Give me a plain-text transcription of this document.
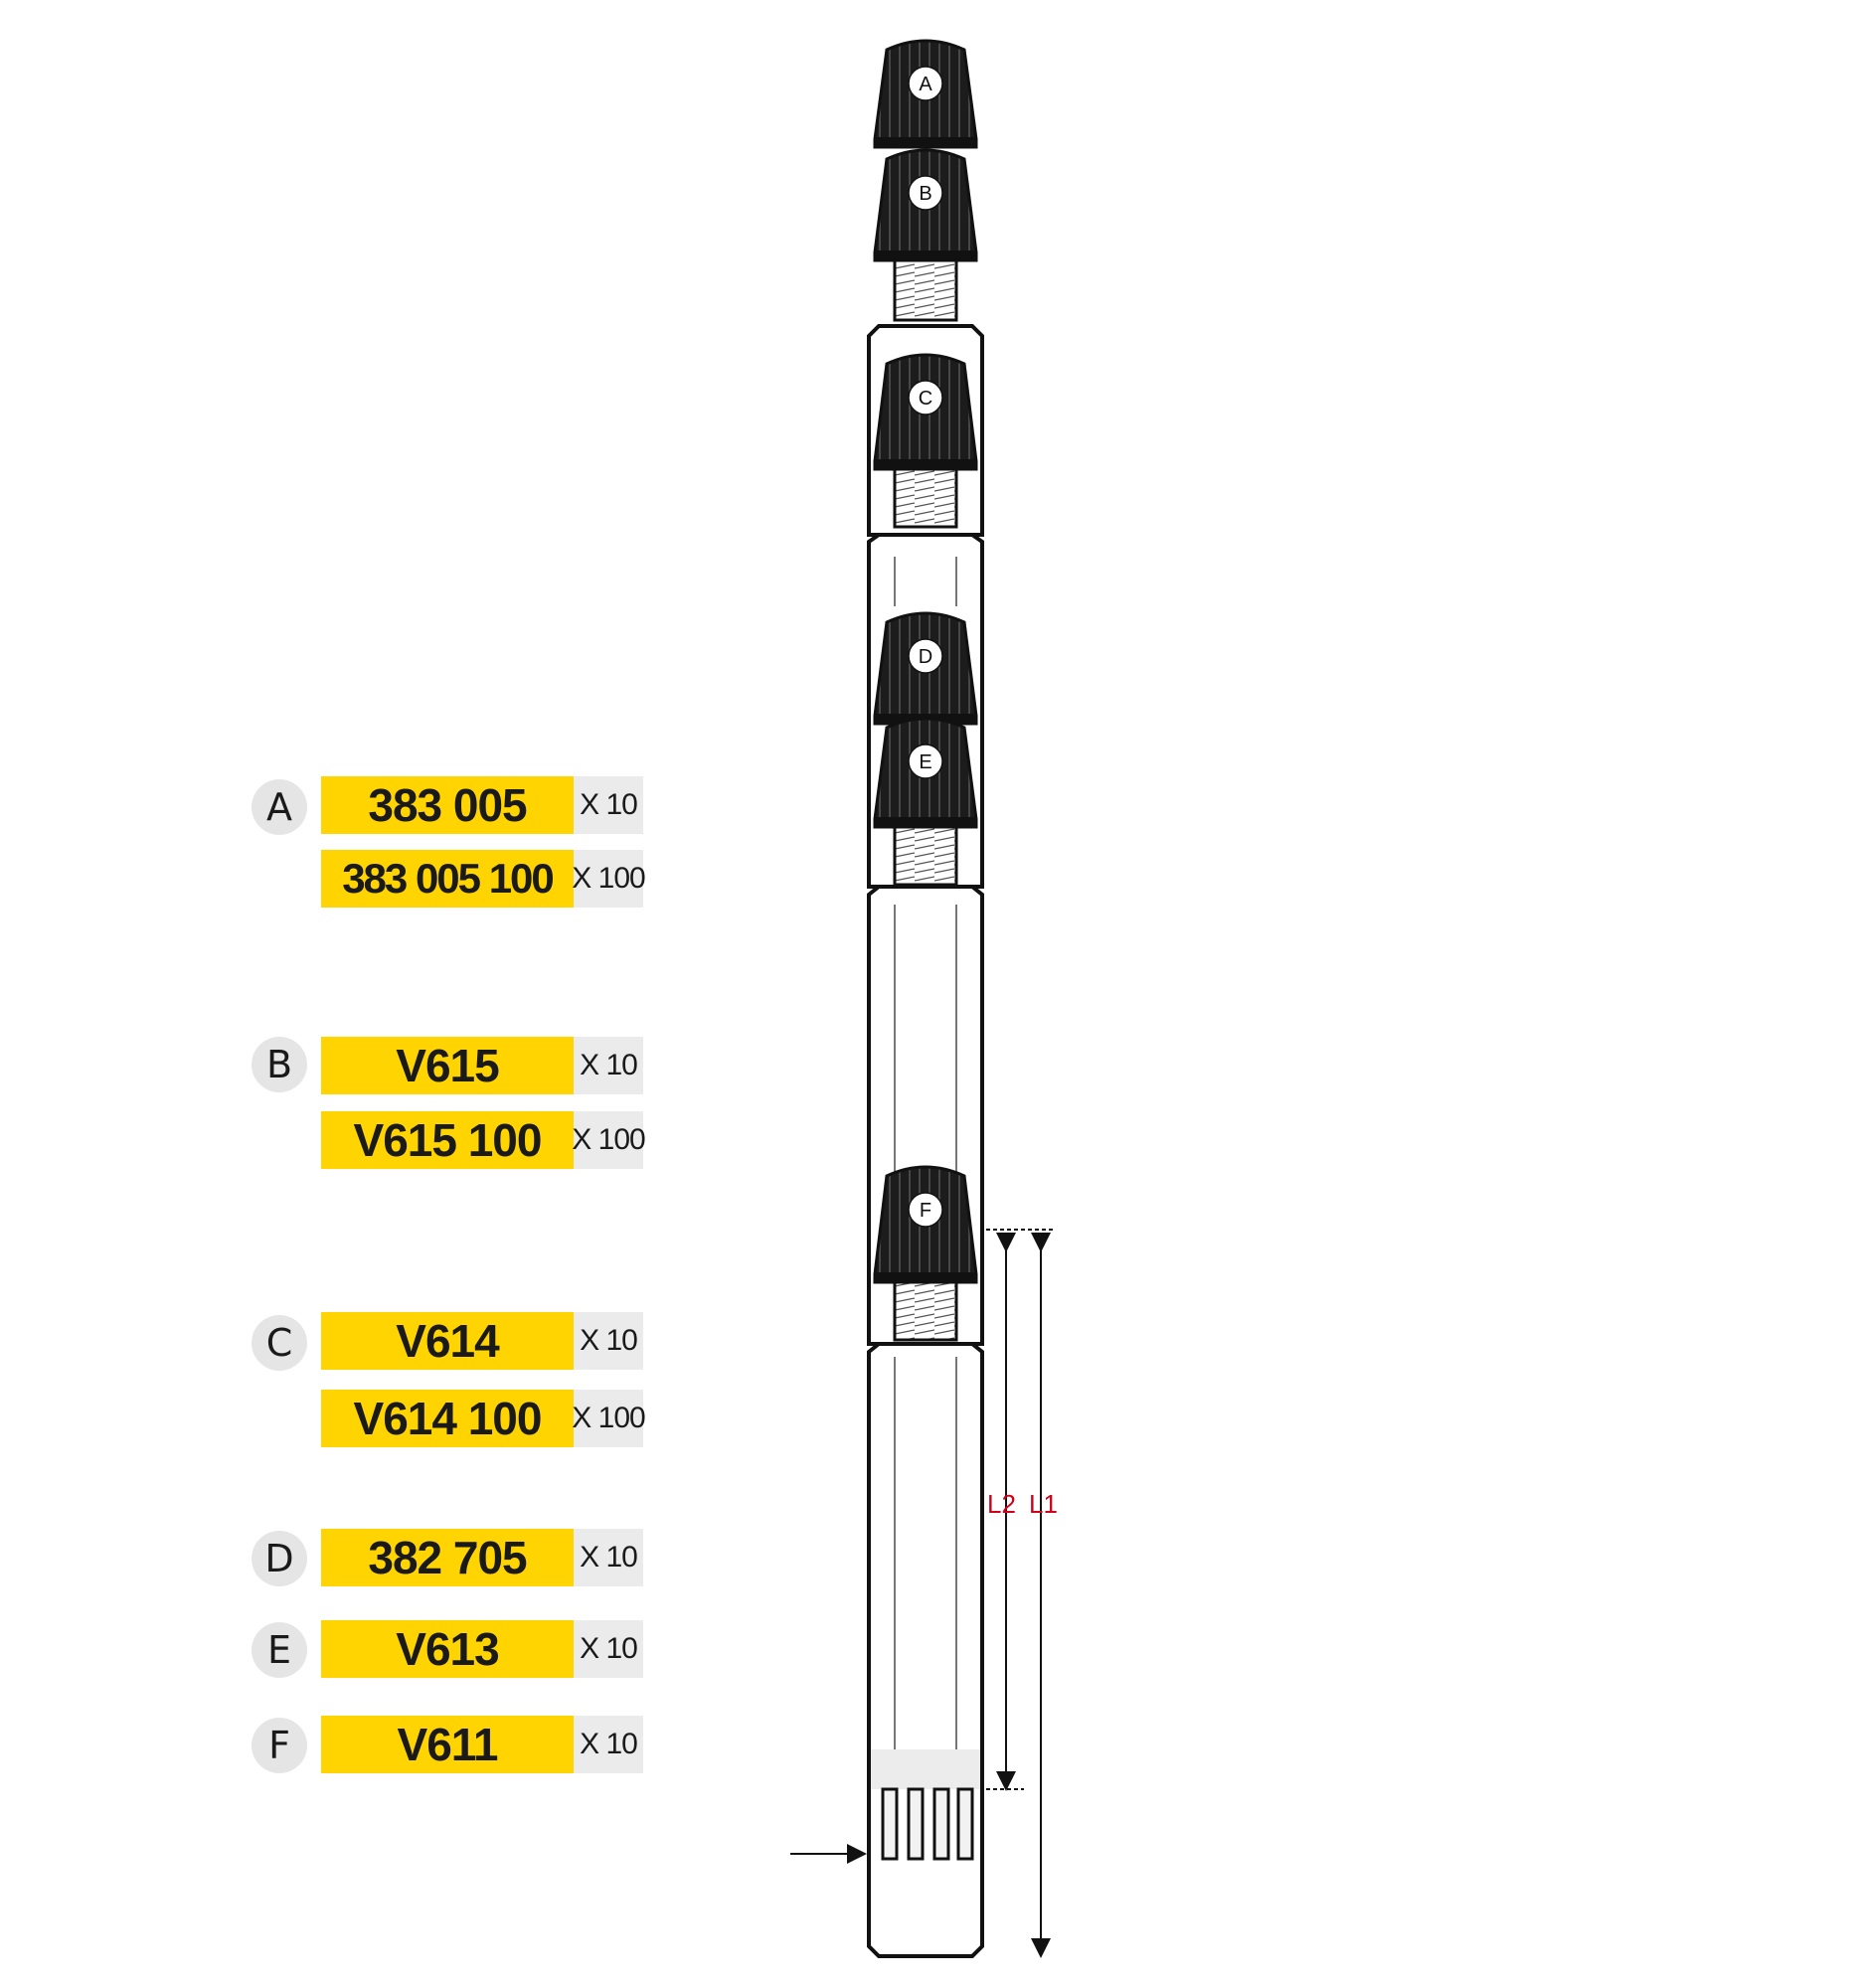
A	383 005	X 10
383 005 100 X 100
B	V615	X 10
V615 100	X 100
C	V614	X 10
V614 100	X 100
D	382 705	X 10
E	V613	X 10
F	V611	X 10
A
B
C
D
E
F
L2 L1
